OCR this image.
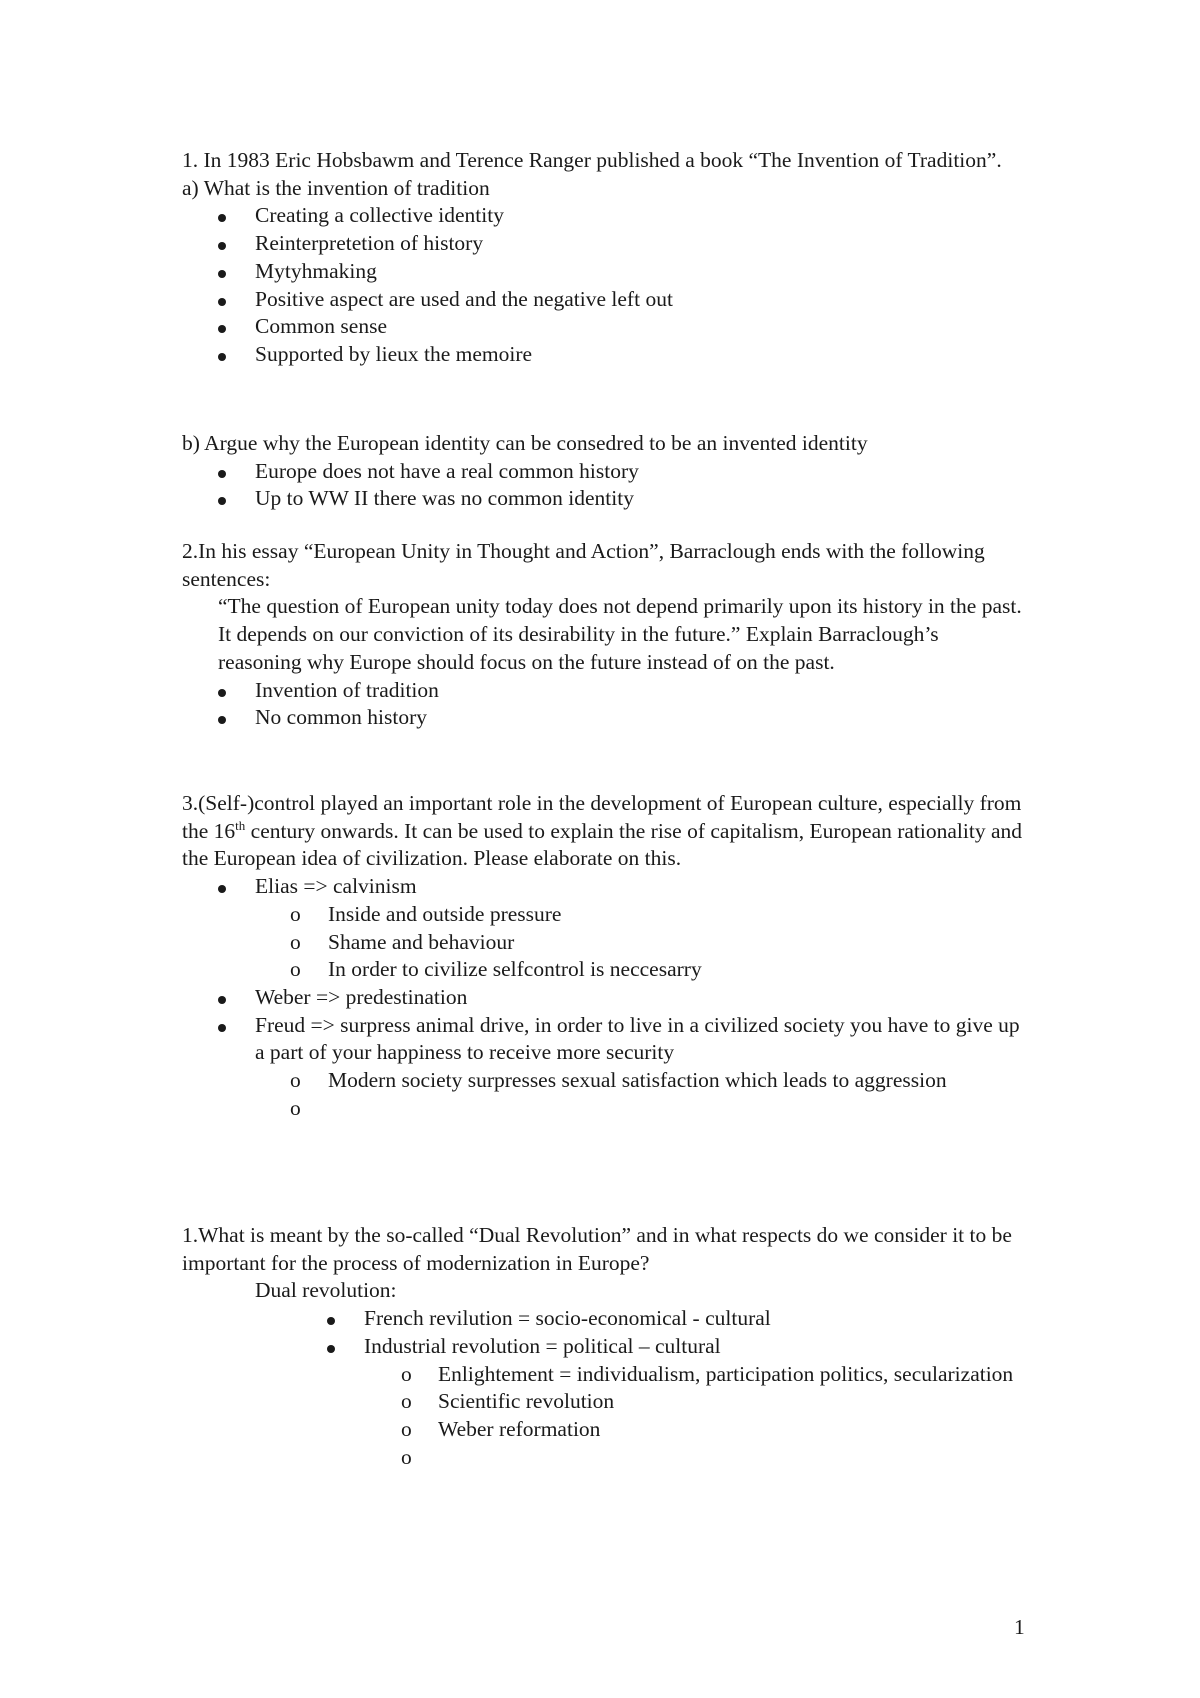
1. In 1983 Eric Hobsbawm and Terence Ranger published a book “The Invention of Tradition”.

a) What is the invention of tradition

Creating a collective identity
Reinterpretetion of history
Mytyhmaking
Positive aspect are used and the negative left out
Common sense
Supported by lieux the memoire

b) Argue why the European identity can be consedred to be an invented identity

Europe does not have a real common history
Up to WW II there was no common identity

2.In his essay “European Unity in Thought and Action”, Barraclough ends with the following sentences:

“The question of European unity today does not depend primarily upon its history in the past. It depends on our conviction of its desirability in the future.” Explain Barraclough’s reasoning why Europe should focus on the future instead of on the past.

Invention of tradition
No common history

3.(Self-)control played an important role in the development of European culture, especially from the 16th century onwards. It can be used to explain the rise of capitalism, European rationality and the European idea of civilization. Please elaborate on this.

Elias => calvinism
o Inside and outside pressure
o Shame and behaviour
o In order to civilize selfcontrol is neccesarry
Weber => predestination
Freud => surpress animal drive, in order to live in a civilized society you have to give up a part of your happiness to receive more security
o Modern society surpresses sexual satisfaction which leads to aggression
o

1.What is meant by the so-called “Dual Revolution” and in what respects do we consider it to be important for the process of modernization in Europe?

Dual revolution:

French revilution = socio-economical - cultural
Industrial revolution = political – cultural
o Enlightement = individualism, participation politics, secularization
o Scientific revolution
o Weber reformation
o

1
